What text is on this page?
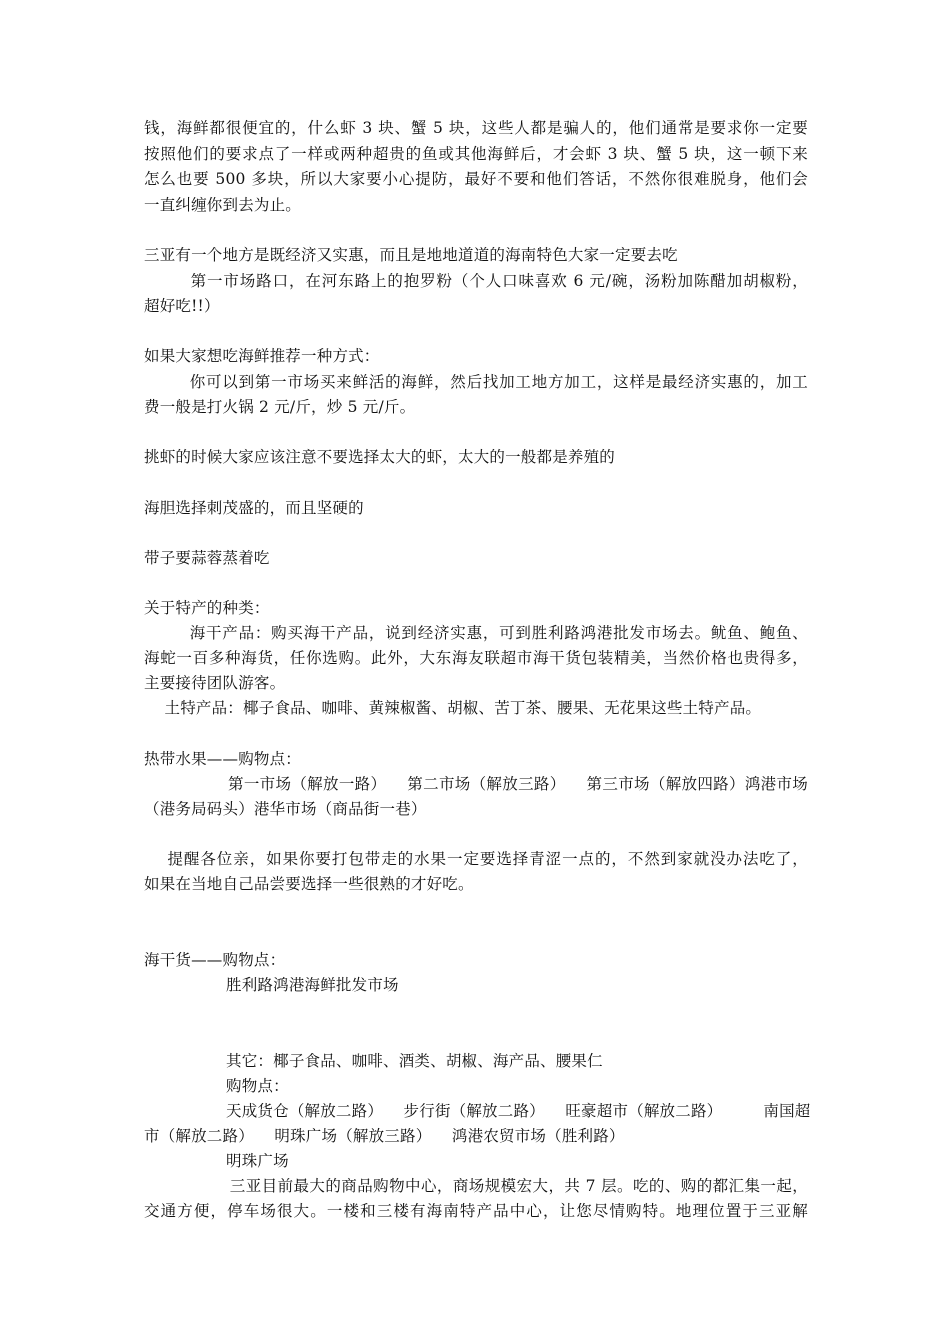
钱，海鲜都很便宜的，什么虾 3 块、蟹 5 块，这些人都是骗人的，他们通常是要求你一定要
按照他们的要求点了一样或两种超贵的鱼或其他海鲜后，才会虾 3 块、蟹 5 块，这一顿下来
怎么也要 500 多块，所以大家要小心提防，最好不要和他们答话，不然你很难脱身，他们会
一直纠缠你到去为止。
三亚有一个地方是既经济又实惠，而且是地地道道的海南特色大家一定要去吃
第一市场路口，在河东路上的抱罗粉（个人口味喜欢 6 元/碗，汤粉加陈醋加胡椒粉，
超好吃!!）
如果大家想吃海鲜推荐一种方式：
你可以到第一市场买来鲜活的海鲜，然后找加工地方加工，这样是最经济实惠的，加工
费一般是打火锅 2 元/斤，炒 5 元/斤。
挑虾的时候大家应该注意不要选择太大的虾，太大的一般都是养殖的
海胆选择刺茂盛的，而且坚硬的
带子要蒜蓉蒸着吃
关于特产的种类：
海干产品：购买海干产品，说到经济实惠，可到胜利路鸿港批发市场去。鱿鱼、鲍鱼、
海蛇一百多种海货，任你选购。此外，大东海友联超市海干货包装精美，当然价格也贵得多，
主要接待团队游客。
土特产品：椰子食品、咖啡、黄辣椒酱、胡椒、苦丁茶、腰果、无花果这些土特产品。
热带水果——购物点：
第一市场（解放一路）    第二市场（解放三路）    第三市场（解放四路）鸿港市场
（港务局码头）港华市场（商品街一巷）
提醒各位亲，如果你要打包带走的水果一定要选择青涩一点的，不然到家就没办法吃了，
如果在当地自己品尝要选择一些很熟的才好吃。
海干货——购物点：
胜利路鸿港海鲜批发市场
其它：椰子食品、咖啡、酒类、胡椒、海产品、腰果仁
购物点：
天成货仓（解放二路）    步行街（解放二路）    旺豪超市（解放二路）        南国超
市（解放二路）    明珠广场（解放三路）    鸿港农贸市场（胜利路）
明珠广场
三亚目前最大的商品购物中心，商场规模宏大，共 7 层。吃的、购的都汇集一起，
交通方便，停车场很大。一楼和三楼有海南特产品中心，让您尽情购特。地理位置于三亚解
